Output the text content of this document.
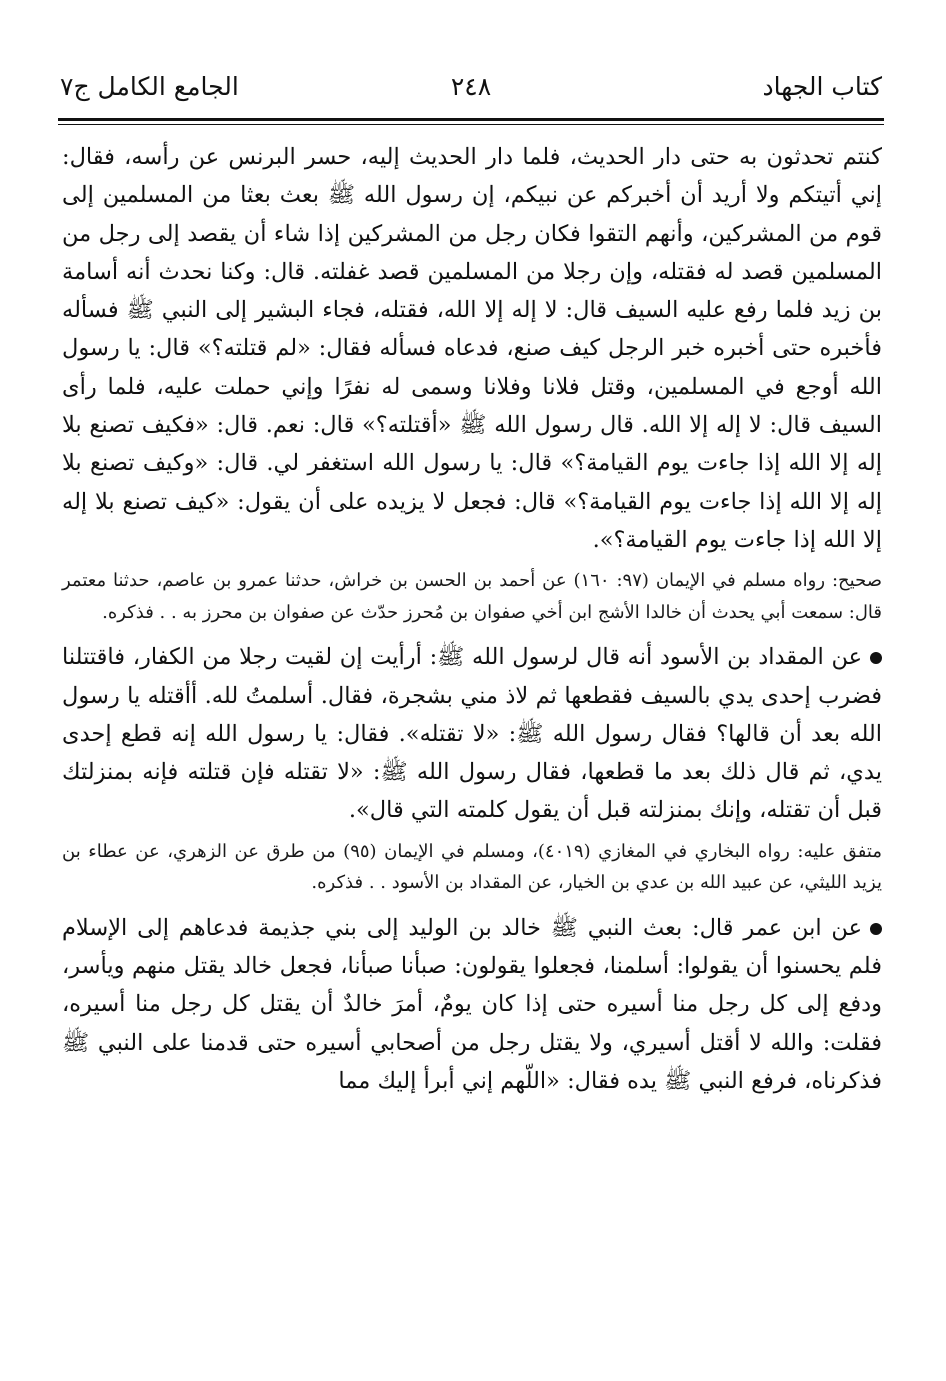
كتاب الجهاد
٢٤٨
الجامع الكامل ج٧

كنتم تحدثون به حتى دار الحديث، فلما دار الحديث إليه، حسر البرنس عن رأسه، فقال: إني أتيتكم ولا أريد أن أخبركم عن نبيكم، إن رسول الله ﷺ بعث بعثا من المسلمين إلى قوم من المشركين، وأنهم التقوا فكان رجل من المشركين إذا شاء أن يقصد إلى رجل من المسلمين قصد له فقتله، وإن رجلا من المسلمين قصد غفلته. قال: وكنا نحدث أنه أسامة بن زيد فلما رفع عليه السيف قال: لا إله إلا الله، فقتله، فجاء البشير إلى النبي ﷺ فسأله فأخبره حتى أخبره خبر الرجل كيف صنع، فدعاه فسأله فقال: «لم قتلته؟» قال: يا رسول الله أوجع في المسلمين، وقتل فلانا وفلانا وسمى له نفرًا وإني حملت عليه، فلما رأى السيف قال: لا إله إلا الله. قال رسول الله ﷺ «أقتلته؟» قال: نعم. قال: «فكيف تصنع بلا إله إلا الله إذا جاءت يوم القيامة؟» قال: يا رسول الله استغفر لي. قال: «وكيف تصنع بلا إله إلا الله إذا جاءت يوم القيامة؟» قال: فجعل لا يزيده على أن يقول: «كيف تصنع بلا إله إلا الله إذا جاءت يوم القيامة؟».

صحيح: رواه مسلم في الإيمان (٩٧: ١٦٠) عن أحمد بن الحسن بن خراش، حدثنا عمرو بن عاصم، حدثنا معتمر قال: سمعت أبي يحدث أن خالدا الأشج ابن أخي صفوان بن مُحرز حدّث عن صفوان بن محرز به . . فذكره.

عن المقداد بن الأسود أنه قال لرسول الله ﷺ: أرأيت إن لقيت رجلا من الكفار، فاقتتلنا فضرب إحدى يدي بالسيف فقطعها ثم لاذ مني بشجرة، فقال. أسلمتُ لله. أأقتله يا رسول الله بعد أن قالها؟ فقال رسول الله ﷺ: «لا تقتله». فقال: يا رسول الله إنه قطع إحدى يدي، ثم قال ذلك بعد ما قطعها، فقال رسول الله ﷺ: «لا تقتله فإن قتلته فإنه بمنزلتك قبل أن تقتله، وإنك بمنزلته قبل أن يقول كلمته التي قال».

متفق عليه: رواه البخاري في المغازي (٤٠١٩)، ومسلم في الإيمان (٩٥) من طرق عن الزهري، عن عطاء بن يزيد الليثي، عن عبيد الله بن عدي بن الخيار، عن المقداد بن الأسود . . فذكره.

عن ابن عمر قال: بعث النبي ﷺ خالد بن الوليد إلى بني جذيمة فدعاهم إلى الإسلام فلم يحسنوا أن يقولوا: أسلمنا، فجعلوا يقولون: صبأنا صبأنا، فجعل خالد يقتل منهم ويأسر، ودفع إلى كل رجل منا أسيره حتى إذا كان يومٌ، أمرَ خالدٌ أن يقتل كل رجل منا أسيره، فقلت: والله لا أقتل أسيري، ولا يقتل رجل من أصحابي أسيره حتى قدمنا على النبي ﷺ فذكرناه، فرفع النبي ﷺ يده فقال: «اللّهم إني أبرأ إليك مما
